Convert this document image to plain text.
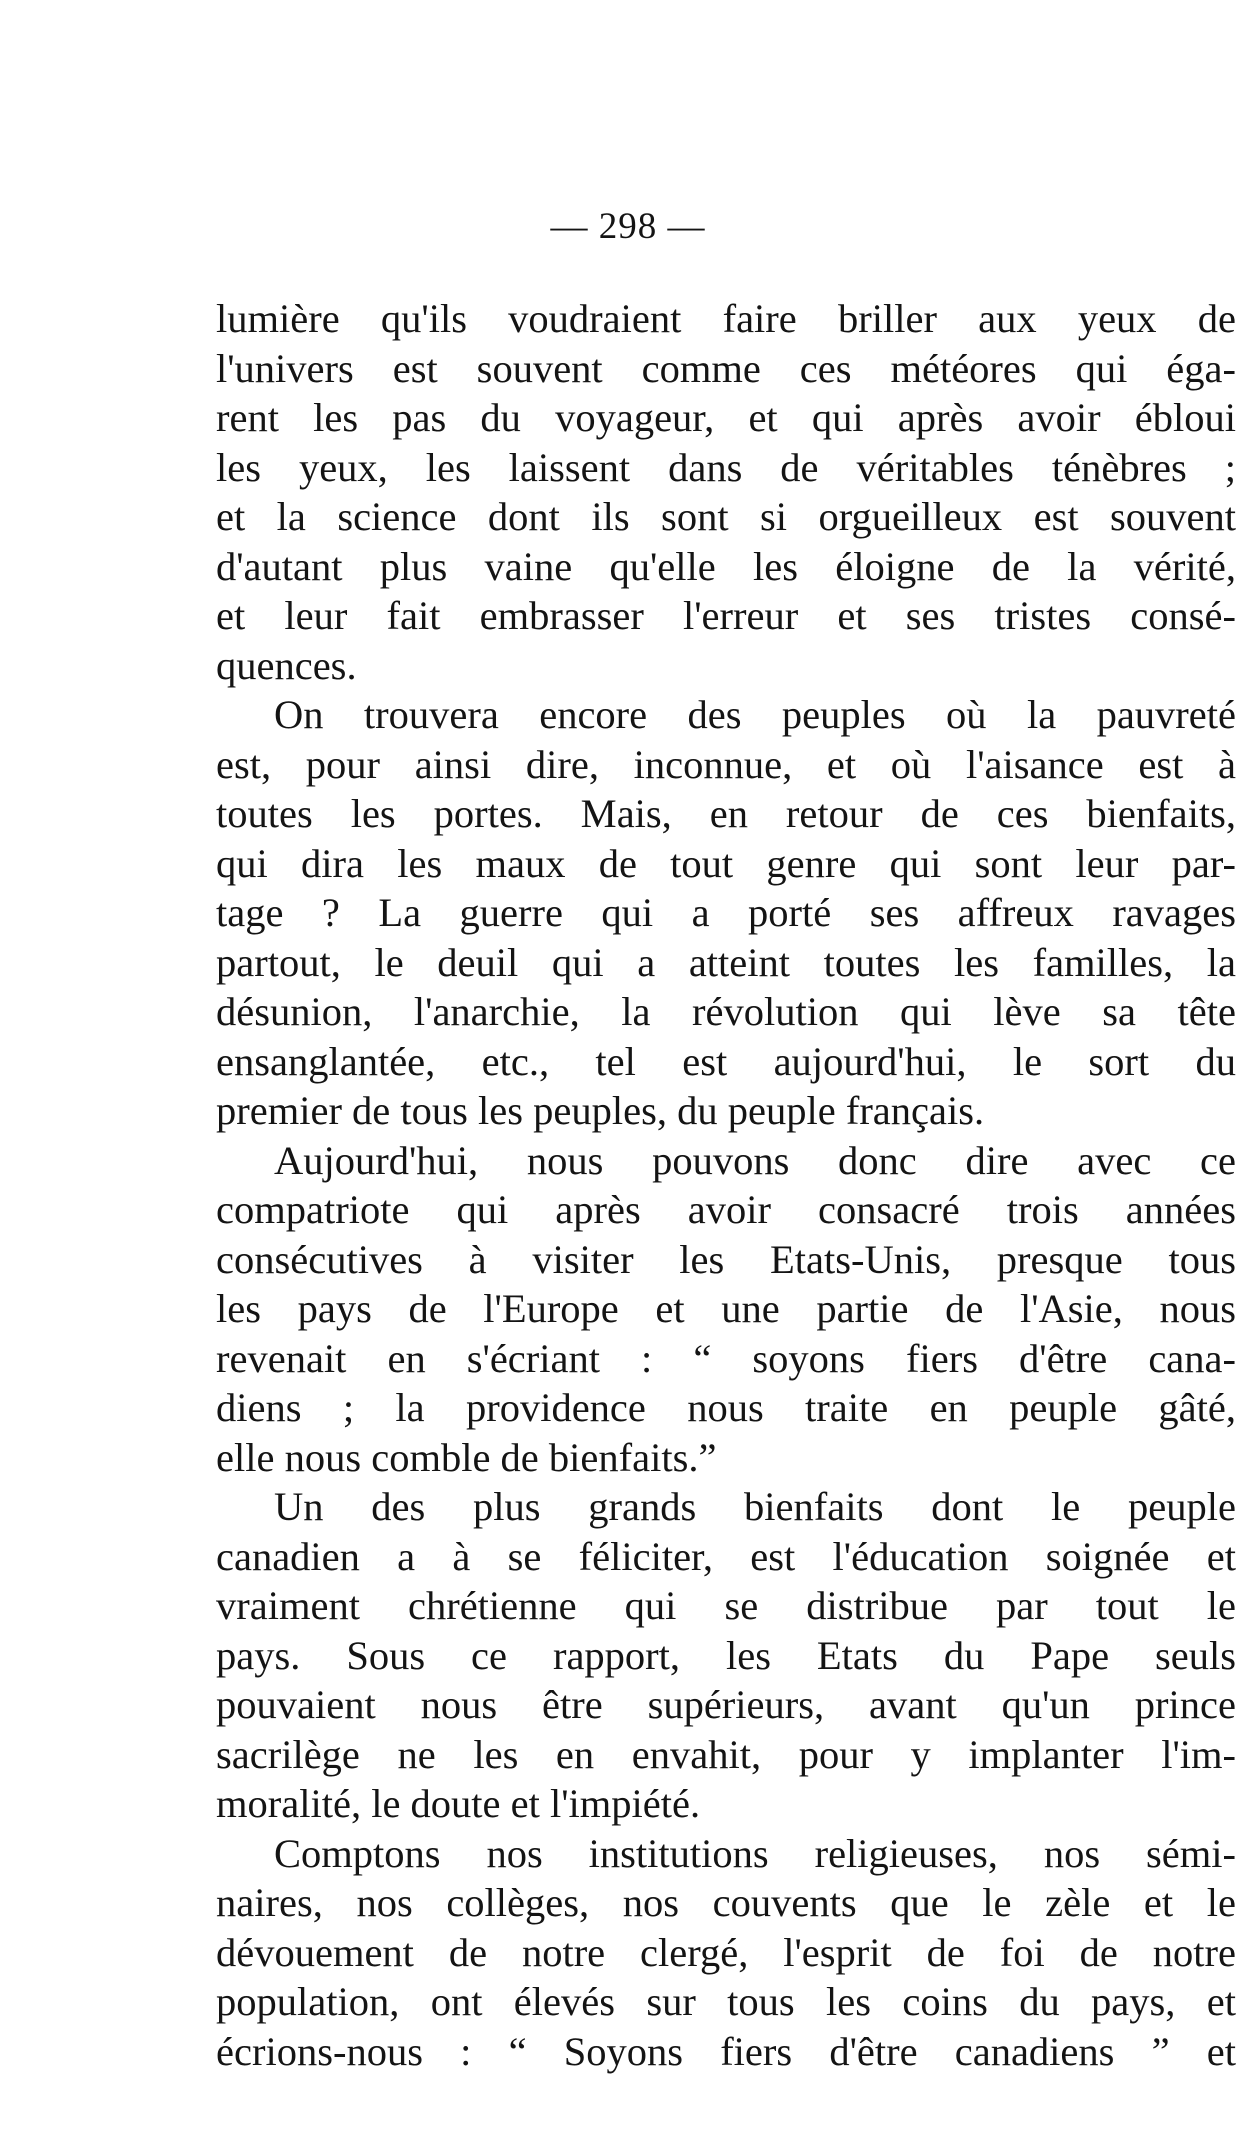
— 298 —
lumière qu'ils voudraient faire briller aux yeux de
l'univers est souvent comme ces météores qui éga-
rent les pas du voyageur, et qui après avoir ébloui
les yeux, les laissent dans de véritables ténèbres ;
et la science dont ils sont si orgueilleux est souvent
d'autant plus vaine qu'elle les éloigne de la vérité,
et leur fait embrasser l'erreur et ses tristes consé-
quences.
On trouvera encore des peuples où la pauvreté
est, pour ainsi dire, inconnue, et où l'aisance est à
toutes les portes. Mais, en retour de ces bienfaits,
qui dira les maux de tout genre qui sont leur par-
tage ? La guerre qui a porté ses affreux ravages
partout, le deuil qui a atteint toutes les familles, la
désunion, l'anarchie, la révolution qui lève sa tête
ensanglantée, etc., tel est aujourd'hui, le sort du
premier de tous les peuples, du peuple français.
Aujourd'hui, nous pouvons donc dire avec ce
compatriote qui après avoir consacré trois années
consécutives à visiter les Etats-Unis, presque tous
les pays de l'Europe et une partie de l'Asie, nous
revenait en s'écriant : “ soyons fiers d'être cana-
diens ; la providence nous traite en peuple gâté,
elle nous comble de bienfaits.”
Un des plus grands bienfaits dont le peuple
canadien a à se féliciter, est l'éducation soignée et
vraiment chrétienne qui se distribue par tout le
pays. Sous ce rapport, les Etats du Pape seuls
pouvaient nous être supérieurs, avant qu'un prince
sacrilège ne les en envahit, pour y implanter l'im-
moralité, le doute et l'impiété.
Comptons nos institutions religieuses, nos sémi-
naires, nos collèges, nos couvents que le zèle et le
dévouement de notre clergé, l'esprit de foi de notre
population, ont élevés sur tous les coins du pays, et
écrions-nous : “ Soyons fiers d'être canadiens ” et
